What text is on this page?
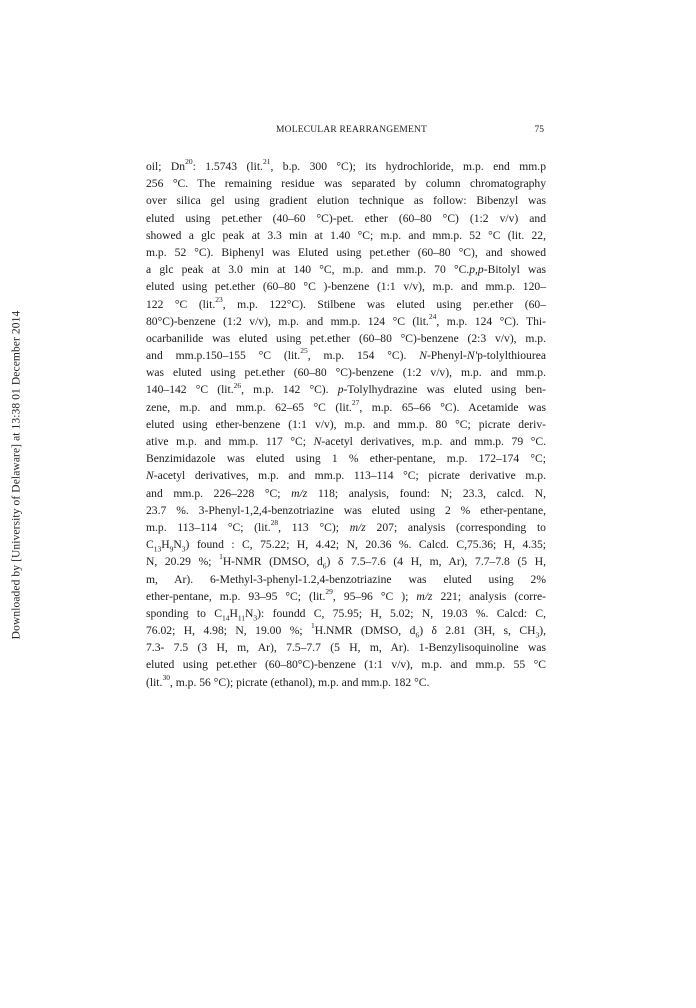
Downloaded by [University of Delaware] at 13:38 01 December 2014
MOLECULAR REARRANGEMENT	75
oil; Dn$^{20}$: 1.5743 (lit.$^{21}$, b.p. 300 °C); its hydrochloride, m.p. end mm.p
256 °C. The remaining residue was separated by column chromatography
over silica gel using gradient elution technique as follow: Bibenzyl was
eluted using pet.ether (40–60 °C)-pet. ether (60–80 °C) (1:2 v/v) and
showed a glc peak at 3.3 min at 1.40 °C; m.p. and mm.p. 52 °C (lit. 22,
m.p. 52 °C). Biphenyl was Eluted using pet.ether (60–80 °C), and showed
a glc peak at 3.0 min at 140 °C, m.p. and mm.p. 70 °C.p,p-Bitolyl was
eluted using pet.ether (60–80 °C )-benzene (1:1 v/v), m.p. and mm.p. 120–
122 °C (lit.$^{23}$, m.p. 122°C). Stilbene was eluted using per.ether (60–
80°C)-benzene (1:2 v/v), m.p. and mm.p. 124 °C (lit.$^{24}$, m.p. 124 °C). Thi-
ocarbanilide was eluted using pet.ether (60–80 °C)-benzene (2:3 v/v), m.p.
and mm.p.150–155 °C (lit.$^{25}$, m.p. 154 °C). N-Phenyl-N'p-tolylthiourea
was eluted using pet.ether (60–80 °C)-benzene (1:2 v/v), m.p. and mm.p.
140–142 °C (lit.$^{26}$, m.p. 142 °C). p-Tolylhydrazine was eluted using ben-
zene, m.p. and mm.p. 62–65 °C (lit.$^{27}$, m.p. 65–66 °C). Acetamide was
eluted using ether-benzene (1:1 v/v), m.p. and mm.p. 80 °C; picrate deriv-
ative m.p. and mm.p. 117 °C; N-acetyl derivatives, m.p. and mm.p. 79 °C.
Benzimidazole was eluted using 1 % ether-pentane, m.p. 172–174 °C;
N-acetyl derivatives, m.p. and mm.p. 113–114 °C; picrate derivative m.p.
and mm.p. 226–228 °C; m/z 118; analysis, found: N; 23.3, calcd. N,
23.7 %. 3-Phenyl-1,2,4-benzotriazine was eluted using 2 % ether-pentane,
m.p. 113–114 °C; (lit.$^{28}$, 113 °C); m/z 207; analysis (corresponding to
$C_{13}H_9N_3$) found : C, 75.22; H, 4.42; N, 20.36 %. Calcd. C,75.36; H, 4.35;
N, 20.29 %; $^1$H-NMR (DMSO, $d_6$) δ 7.5–7.6 (4 H, m, Ar), 7.7–7.8 (5 H,
m, Ar). 6-Methyl-3-phenyl-1.2,4-benzotriazine was eluted using 2%
ether-pentane, m.p. 93–95 °C; (lit.$^{29}$, 95–96 °C ); m/z 221; analysis (corre-
sponding to $C_{14}H_{11}N_3$): foundd C, 75.95; H, 5.02; N, 19.03 %. Calcd: C,
76.02; H, 4.98; N, 19.00 %; $^1$H.NMR (DMSO, $d_6$) δ 2.81 (3H, s, $CH_3$),
7.3- 7.5 (3 H, m, Ar), 7.5–7.7 (5 H, m, Ar). 1-Benzylisoquinoline was
eluted using pet.ether (60–80°C)-benzene (1:1 v/v), m.p. and mm.p. 55 °C
(lit.$^{30}$, m.p. 56 °C); picrate (ethanol), m.p. and mm.p. 182 °C.
